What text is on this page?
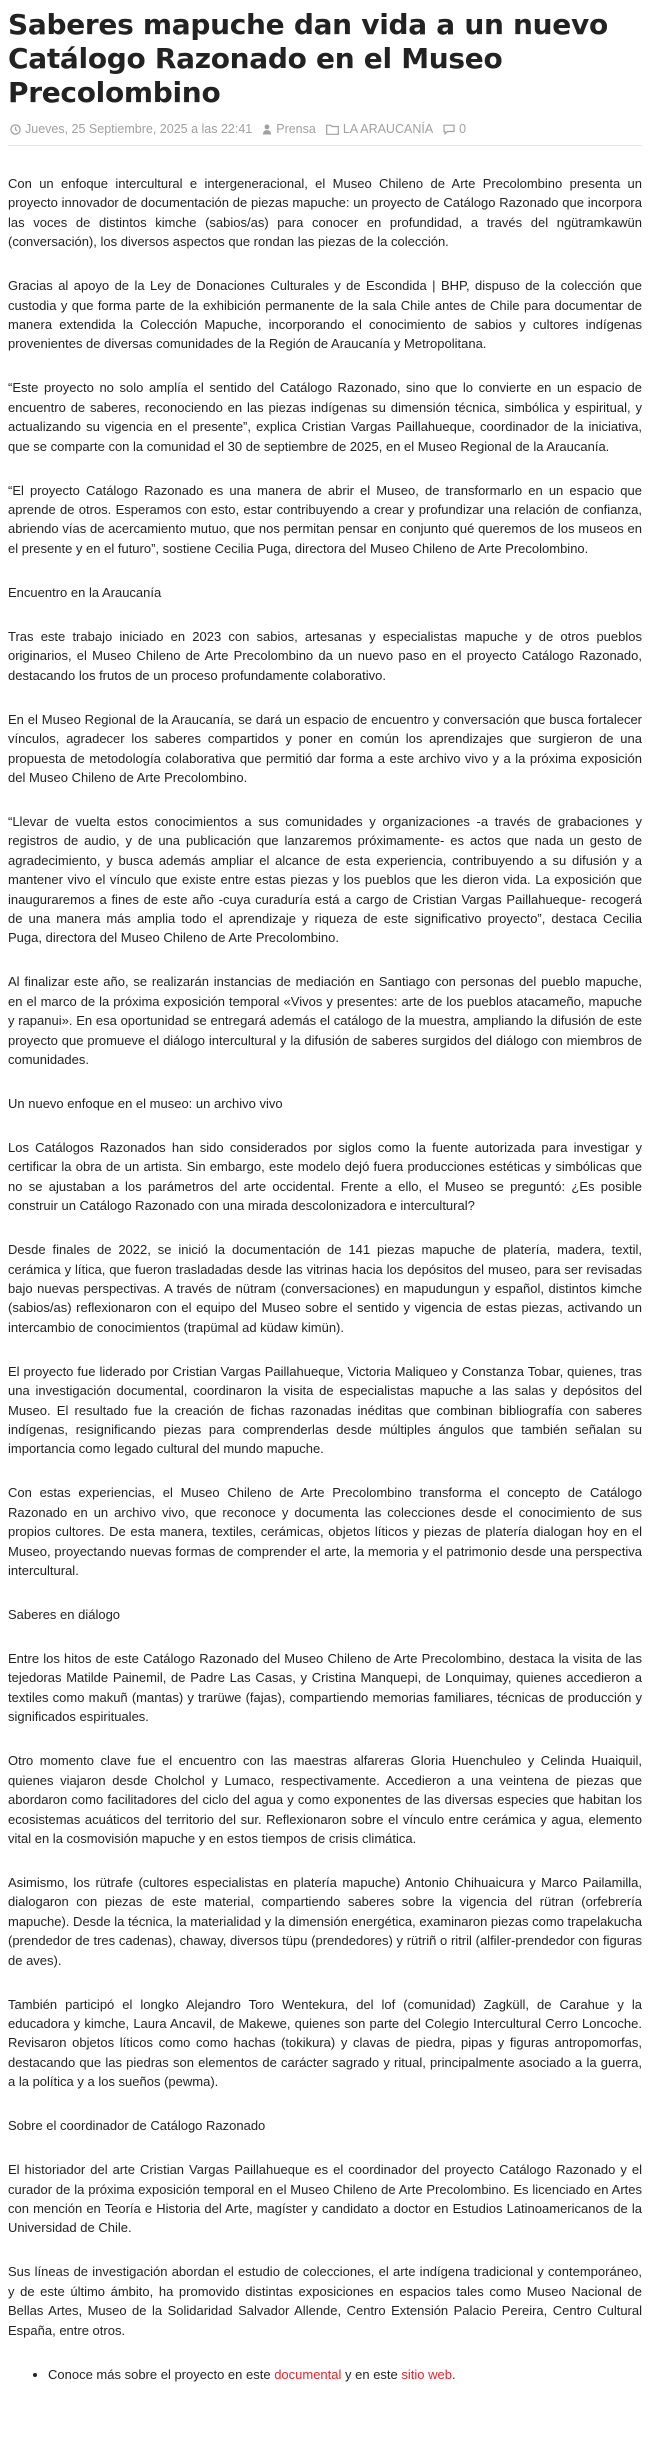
Saberes mapuche dan vida a un nuevo Catálogo Razonado en el Museo Precolombino
Jueves, 25 Septiembre, 2025 a las 22:41 Prensa LA ARAUCANÍA 0

Con un enfoque intercultural e intergeneracional, el Museo Chileno de Arte Precolombino presenta un proyecto innovador de documentación de piezas mapuche: un proyecto de Catálogo Razonado que incorpora las voces de distintos kimche (sabios/as) para conocer en profundidad, a través del ngütramkawün (conversación), los diversos aspectos que rondan las piezas de la colección.

Gracias al apoyo de la Ley de Donaciones Culturales y de Escondida | BHP, dispuso de la colección que custodia y que forma parte de la exhibición permanente de la sala Chile antes de Chile para documentar de manera extendida la Colección Mapuche, incorporando el conocimiento de sabios y cultores indígenas provenientes de diversas comunidades de la Región de Araucanía y Metropolitana.

“Este proyecto no solo amplía el sentido del Catálogo Razonado, sino que lo convierte en un espacio de encuentro de saberes, reconociendo en las piezas indígenas su dimensión técnica, simbólica y espiritual, y actualizando su vigencia en el presente”, explica Cristian Vargas Paillahueque, coordinador de la iniciativa, que se comparte con la comunidad el 30 de septiembre de 2025, en el Museo Regional de la Araucanía.

“El proyecto Catálogo Razonado es una manera de abrir el Museo, de transformarlo en un espacio que aprende de otros. Esperamos con esto, estar contribuyendo a crear y profundizar una relación de confianza, abriendo vías de acercamiento mutuo, que nos permitan pensar en conjunto qué queremos de los museos en el presente y en el futuro”, sostiene Cecilia Puga, directora del Museo Chileno de Arte Precolombino.

Encuentro en la Araucanía

Tras este trabajo iniciado en 2023 con sabios, artesanas y especialistas mapuche y de otros pueblos originarios, el Museo Chileno de Arte Precolombino da un nuevo paso en el proyecto Catálogo Razonado, destacando los frutos de un proceso profundamente colaborativo.

En el Museo Regional de la Araucanía, se dará un espacio de encuentro y conversación que busca fortalecer vínculos, agradecer los saberes compartidos y poner en común los aprendizajes que surgieron de una propuesta de metodología colaborativa que permitió dar forma a este archivo vivo y a la próxima exposición del Museo Chileno de Arte Precolombino.

“Llevar de vuelta estos conocimientos a sus comunidades y organizaciones -a través de grabaciones y registros de audio, y de una publicación que lanzaremos próximamente- es actos que nada un gesto de agradecimiento, y busca además ampliar el alcance de esta experiencia, contribuyendo a su difusión y a mantener vivo el vínculo que existe entre estas piezas y los pueblos que les dieron vida. La exposición que inauguraremos a fines de este año -cuya curaduría está a cargo de Cristian Vargas Paillahueque- recogerá de una manera más amplia todo el aprendizaje y riqueza de este significativo proyecto”, destaca Cecilia Puga, directora del Museo Chileno de Arte Precolombino.

Al finalizar este año, se realizarán instancias de mediación en Santiago con personas del pueblo mapuche, en el marco de la próxima exposición temporal «Vivos y presentes: arte de los pueblos atacameño, mapuche y rapanui». En esa oportunidad se entregará además el catálogo de la muestra, ampliando la difusión de este proyecto que promueve el diálogo intercultural y la difusión de saberes surgidos del diálogo con miembros de comunidades.

Un nuevo enfoque en el museo: un archivo vivo

Los Catálogos Razonados han sido considerados por siglos como la fuente autorizada para investigar y certificar la obra de un artista. Sin embargo, este modelo dejó fuera producciones estéticas y simbólicas que no se ajustaban a los parámetros del arte occidental. Frente a ello, el Museo se preguntó: ¿Es posible construir un Catálogo Razonado con una mirada descolonizadora e intercultural?

Desde finales de 2022, se inició la documentación de 141 piezas mapuche de platería, madera, textil, cerámica y lítica, que fueron trasladadas desde las vitrinas hacia los depósitos del museo, para ser revisadas bajo nuevas perspectivas. A través de nütram (conversaciones) en mapudungun y español, distintos kimche (sabios/as) reflexionaron con el equipo del Museo sobre el sentido y vigencia de estas piezas, activando un intercambio de conocimientos (trapümal ad küdaw kimün).

El proyecto fue liderado por Cristian Vargas Paillahueque, Victoria Maliqueo y Constanza Tobar, quienes, tras una investigación documental, coordinaron la visita de especialistas mapuche a las salas y depósitos del Museo. El resultado fue la creación de fichas razonadas inéditas que combinan bibliografía con saberes indígenas, resignificando piezas para comprenderlas desde múltiples ángulos que también señalan su importancia como legado cultural del mundo mapuche.

Con estas experiencias, el Museo Chileno de Arte Precolombino transforma el concepto de Catálogo Razonado en un archivo vivo, que reconoce y documenta las colecciones desde el conocimiento de sus propios cultores. De esta manera, textiles, cerámicas, objetos líticos y piezas de platería dialogan hoy en el Museo, proyectando nuevas formas de comprender el arte, la memoria y el patrimonio desde una perspectiva intercultural.

Saberes en diálogo

Entre los hitos de este Catálogo Razonado del Museo Chileno de Arte Precolombino, destaca la visita de las tejedoras Matilde Painemil, de Padre Las Casas, y Cristina Manquepi, de Lonquimay, quienes accedieron a textiles como makuñ (mantas) y trarüwe (fajas), compartiendo memorias familiares, técnicas de producción y significados espirituales.

Otro momento clave fue el encuentro con las maestras alfareras Gloria Huenchuleo y Celinda Huaiquil, quienes viajaron desde Cholchol y Lumaco, respectivamente. Accedieron a una veintena de piezas que abordaron como facilitadores del ciclo del agua y como exponentes de las diversas especies que habitan los ecosistemas acuáticos del territorio del sur. Reflexionaron sobre el vínculo entre cerámica y agua, elemento vital en la cosmovisión mapuche y en estos tiempos de crisis climática.

Asimismo, los rütrafe (cultores especialistas en platería mapuche) Antonio Chihuaicura y Marco Pailamilla, dialogaron con piezas de este material, compartiendo saberes sobre la vigencia del rütran (orfebrería mapuche). Desde la técnica, la materialidad y la dimensión energética, examinaron piezas como trapelakucha (prendedor de tres cadenas), chaway, diversos tüpu (prendedores) y rütriñ o ritril (alfiler-prendedor con figuras de aves).

También participó el longko Alejandro Toro Wentekura, del lof (comunidad) Zagküll, de Carahue y la educadora y kimche, Laura Ancavil, de Makewe, quienes son parte del Colegio Intercultural Cerro Loncoche. Revisaron objetos líticos como como hachas (tokikura) y clavas de piedra, pipas y figuras antropomorfas, destacando que las piedras son elementos de carácter sagrado y ritual, principalmente asociado a la guerra, a la política y a los sueños (pewma).

Sobre el coordinador de Catálogo Razonado

El historiador del arte Cristian Vargas Paillahueque es el coordinador del proyecto Catálogo Razonado y el curador de la próxima exposición temporal en el Museo Chileno de Arte Precolombino. Es licenciado en Artes con mención en Teoría e Historia del Arte, magíster y candidato a doctor en Estudios Latinoamericanos de la Universidad de Chile.

Sus líneas de investigación abordan el estudio de colecciones, el arte indígena tradicional y contemporáneo, y de este último ámbito, ha promovido distintas exposiciones en espacios tales como Museo Nacional de Bellas Artes, Museo de la Solidaridad Salvador Allende, Centro Extensión Palacio Pereira, Centro Cultural España, entre otros.

• Conoce más sobre el proyecto en este documental y en este sitio web.
